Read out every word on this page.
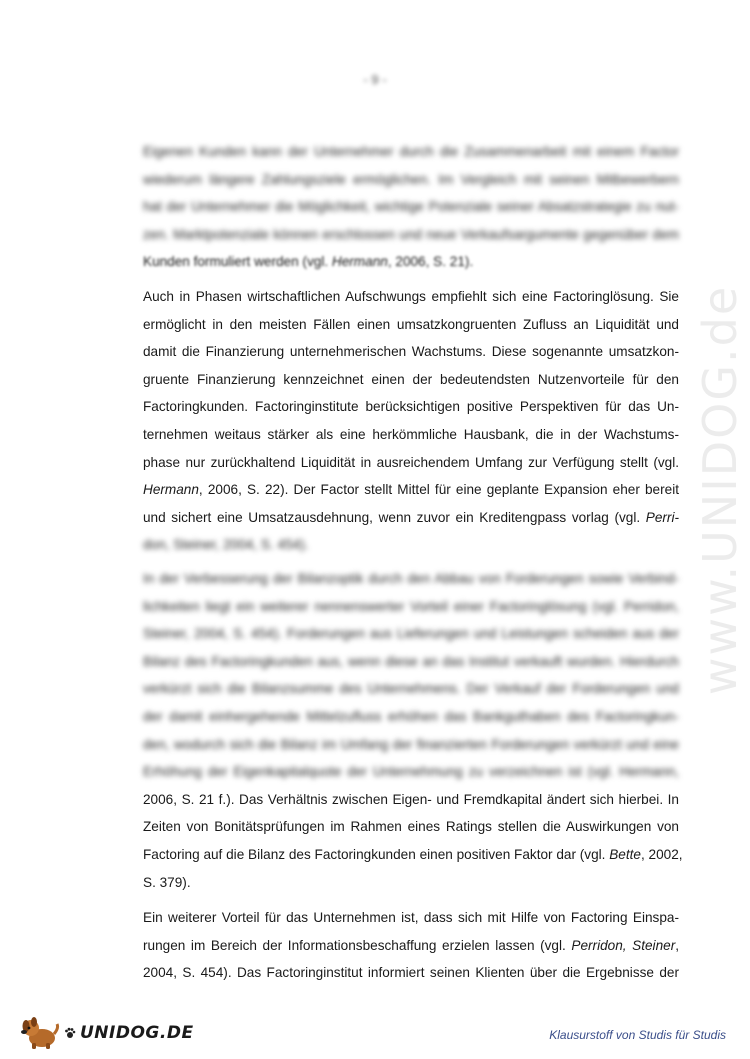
- 9 -
www.UNIDOG.de
Eigenen Kunden kann der Unternehmer durch die Zusammenarbeit mit einem Factor
wiederum längere Zahlungsziele ermöglichen. Im Vergleich mit seinen Mitbewerbern
hat der Unternehmer die Möglichkeit, wichtige Potenziale seiner Absatzstrategie zu nut-
zen. Marktpotenziale können erschlossen und neue Verkaufsargumente gegenüber dem
Kunden formuliert werden (vgl. Hermann, 2006, S. 21).
Auch in Phasen wirtschaftlichen Aufschwungs empfiehlt sich eine Factoringlösung. Sie
ermöglicht in den meisten Fällen einen umsatzkongruenten Zufluss an Liquidität und
damit die Finanzierung unternehmerischen Wachstums. Diese sogenannte umsatzkon-
gruente Finanzierung kennzeichnet einen der bedeutendsten Nutzenvorteile für den
Factoringkunden. Factoringinstitute berücksichtigen positive Perspektiven für das Un-
ternehmen weitaus stärker als eine herkömmliche Hausbank, die in der Wachstums-
phase nur zurückhaltend Liquidität in ausreichendem Umfang zur Verfügung stellt (vgl.
Hermann, 2006, S. 22). Der Factor stellt Mittel für eine geplante Expansion eher bereit
und sichert eine Umsatzausdehnung, wenn zuvor ein Kreditengpass vorlag (vgl. Perri-
don, Steiner, 2004, S. 454).
In der Verbesserung der Bilanzoptik durch den Abbau von Forderungen sowie Verbind-
lichkeiten liegt ein weiterer nennenswerter Vorteil einer Factoringlösung (vgl. Perridon,
Steiner, 2004, S. 454). Forderungen aus Lieferungen und Leistungen scheiden aus der
Bilanz des Factoringkunden aus, wenn diese an das Institut verkauft wurden. Hierdurch
verkürzt sich die Bilanzsumme des Unternehmens. Der Verkauf der Forderungen und
der damit einhergehende Mittelzufluss erhöhen das Bankguthaben des Factoringkun-
den, wodurch sich die Bilanz im Umfang der finanzierten Forderungen verkürzt und eine
Erhöhung der Eigenkapitalquote der Unternehmung zu verzeichnen ist (vgl. Hermann,
2006, S. 21 f.). Das Verhältnis zwischen Eigen- und Fremdkapital ändert sich hierbei. In
Zeiten von Bonitätsprüfungen im Rahmen eines Ratings stellen die Auswirkungen von
Factoring auf die Bilanz des Factoringkunden einen positiven Faktor dar (vgl. Bette, 2002,
S. 379).
Ein weiterer Vorteil für das Unternehmen ist, dass sich mit Hilfe von Factoring Einspa-
rungen im Bereich der Informationsbeschaffung erzielen lassen (vgl. Perridon, Steiner,
2004, S. 454). Das Factoringinstitut informiert seinen Klienten über die Ergebnisse der
UNIDOG.DE	Klausurstoff von Studis für Studis
